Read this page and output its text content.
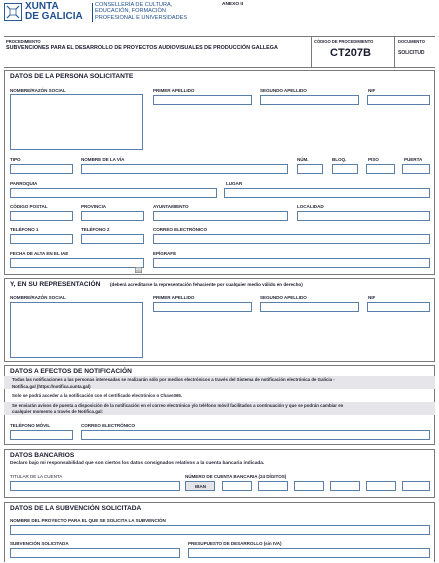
XUNTA
DE GALICIA
CONSELLERÍA DE CULTURA,
EDUCACIÓN, FORMACIÓN
PROFESIONAL E UNIVERSIDADES
ANEXO II
PROCEDIMIENTO
SUBVENCIONES PARA EL DESARROLLO DE PROYECTOS AUDIOVISUALES DE PRODUCCIÓN GALLEGA
CÓDIGO DE PROCEDIMIENTO
CT207B
DOCUMENTO
SOLICITUD
DATOS DE LA PERSONA SOLICITANTE
NOMBRE/RAZÓN SOCIAL	PRIMER APELLIDO	SEGUNDO APELLIDO	NIF
TIPO	NOMBRE DE LA VÍA	NÚM.	BLOQ.	PISO	PUERTA
PARROQUIA	LUGAR
CÓDIGO POSTAL	PROVINCIA	AYUNTAMIENTO	LOCALIDAD
TELÉFONO 1	TELÉFONO 2	CORREO ELECTRÓNICO
FECHA DE ALTA EN EL IAE	EPÍGRAFE
Y, EN SU REPRESENTACIÓN (deberá acreditarse la representación fehaciente por cualquier medio válido en derecho)
NOMBRE/RAZÓN SOCIAL	PRIMER APELLIDO	SEGUNDO APELLIDO	NIF
DATOS A EFECTOS DE NOTIFICACIÓN
Todas las notificaciones a las personas interesadas se realizarán sólo por medios electrónicos a través del Sistema de notificación electrónica de Galicia -
Notifica.gal (https://notifica.xunta.gal)
Solo se podrá acceder a la notificación con el certificado electrónico o Chave365.
Se enviarán avisos de puesta a disposición de la notificación en el correo electrónico y/o teléfono móvil facilitados a continuación y que se podrán cambiar en
cualquier momento a través de Notifica.gal:
TELÉFONO MÓVIL	CORREO ELECTRÓNICO
DATOS BANCARIOS
Declaro bajo mi responsabilidad que son ciertos los datos consignados relativos a la cuenta bancaria indicada.
TITULAR DE LA CUENTA	NÚMERO DE CUENTA BANCARIA (24 DÍGITOS)
IBAN
DATOS DE LA SUBVENCIÓN SOLICITADA
NOMBRE DEL PROYECTO PARA EL QUE SE SOLICITA LA SUBVENCIÓN
SUBVENCIÓN SOLICITADA	PRESUPUESTO DE DESARROLLO (sin IVA)
